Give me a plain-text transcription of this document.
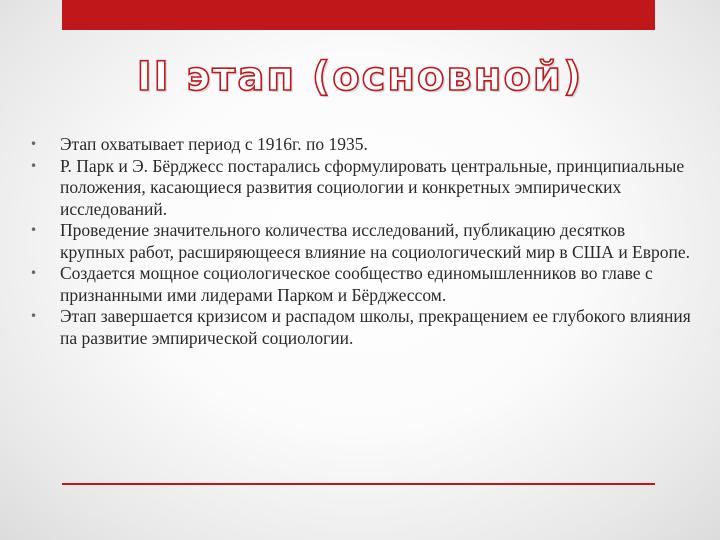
II этап (основной)
• Этап охватывает период с 1916г. по 1935.
• Р. Парк и Э. Бёрджесс постарались сформулировать центральные, принципиальные положения, касающиеся развития социологии и конкретных эмпирических исследований.
• Проведение значительного количества исследований, публикацию десятков крупных работ, расширяющееся влияние на социологический мир в США и Европе.
• Создается мощное социологическое сообщество единомышленников во главе с признанными ими лидерами Парком и Бёрджессом.
• Этап завершается кризисом и распадом школы, прекращением ее глубокого влияния па развитие эмпирической социологии.
